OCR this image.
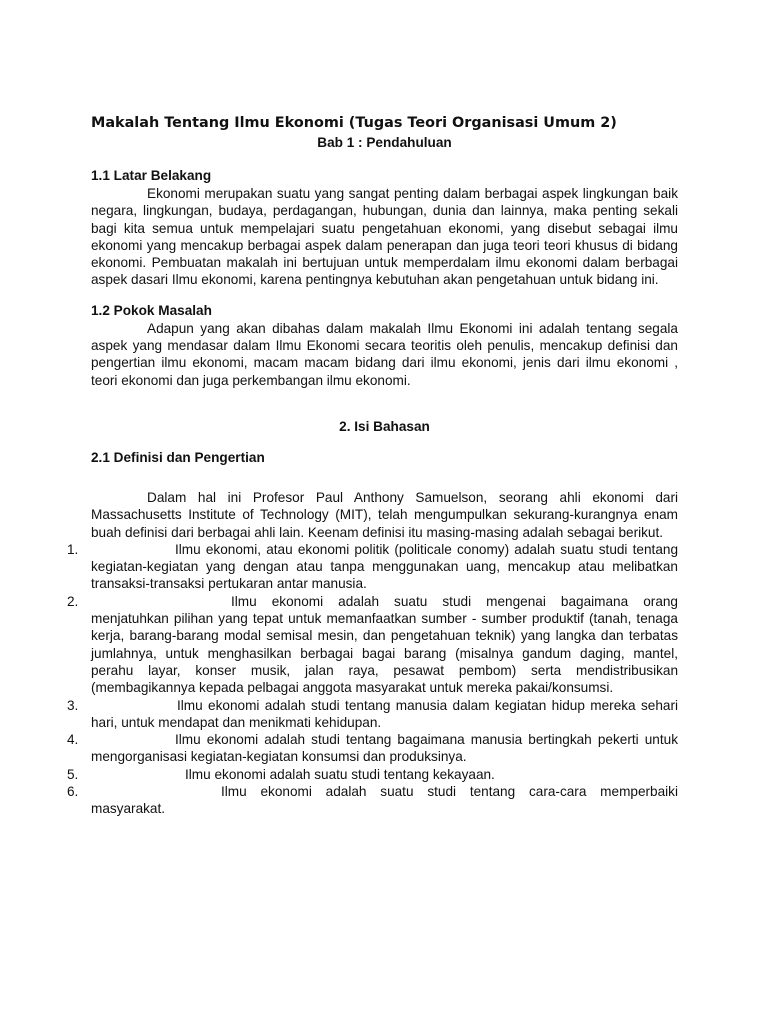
Makalah Tentang Ilmu Ekonomi (Tugas Teori Organisasi Umum 2)

Bab 1 : Pendahuluan

1.1 Latar Belakang

Ekonomi merupakan suatu yang sangat penting dalam berbagai aspek lingkungan baik negara, lingkungan, budaya, perdagangan, hubungan, dunia dan lainnya, maka penting sekali bagi kita semua untuk mempelajari suatu pengetahuan ekonomi, yang disebut sebagai ilmu ekonomi yang mencakup berbagai aspek dalam penerapan dan juga teori teori khusus di bidang ekonomi. Pembuatan makalah ini bertujuan untuk memperdalam ilmu ekonomi dalam berbagai aspek dasari Ilmu ekonomi, karena pentingnya kebutuhan akan pengetahuan untuk bidang ini.

1.2 Pokok Masalah

Adapun yang akan dibahas dalam makalah Ilmu Ekonomi ini adalah tentang segala aspek yang mendasar dalam Ilmu Ekonomi secara teoritis oleh penulis, mencakup definisi dan pengertian ilmu ekonomi, macam macam bidang dari ilmu ekonomi, jenis dari ilmu ekonomi , teori ekonomi dan juga perkembangan ilmu ekonomi.

2. Isi Bahasan

2.1 Definisi dan Pengertian

Dalam hal ini Profesor Paul Anthony Samuelson, seorang ahli ekonomi dari Massachusetts Institute of Technology (MIT), telah mengumpulkan sekurang-kurangnya enam buah definisi dari berbagai ahli lain. Keenam definisi itu masing-masing adalah sebagai berikut.

1.	Ilmu ekonomi, atau ekonomi politik (politicale conomy) adalah suatu studi tentang kegiatan-kegiatan yang dengan atau tanpa menggunakan uang, mencakup atau melibatkan transaksi-transaksi pertukaran antar manusia.
2.	Ilmu ekonomi adalah suatu studi mengenai bagaimana orang menjatuhkan pilihan yang tepat untuk memanfaatkan sumber - sumber produktif (tanah, tenaga kerja, barang-barang modal semisal mesin, dan pengetahuan teknik) yang langka dan terbatas jumlahnya, untuk menghasilkan berbagai bagai barang (misalnya gandum daging, mantel, perahu layar, konser musik, jalan raya, pesawat pembom) serta mendistribusikan (membagikannya kepada pelbagai anggota masyarakat untuk mereka pakai/konsumsi.
3.	Ilmu ekonomi adalah studi tentang manusia dalam kegiatan hidup mereka sehari hari, untuk mendapat dan menikmati kehidupan.
4.	Ilmu ekonomi adalah studi tentang bagaimana manusia bertingkah pekerti untuk mengorganisasi kegiatan-kegiatan konsumsi dan produksinya.
5.	Ilmu ekonomi adalah suatu studi tentang kekayaan.
6.	Ilmu ekonomi adalah suatu studi tentang cara-cara memperbaiki masyarakat.
